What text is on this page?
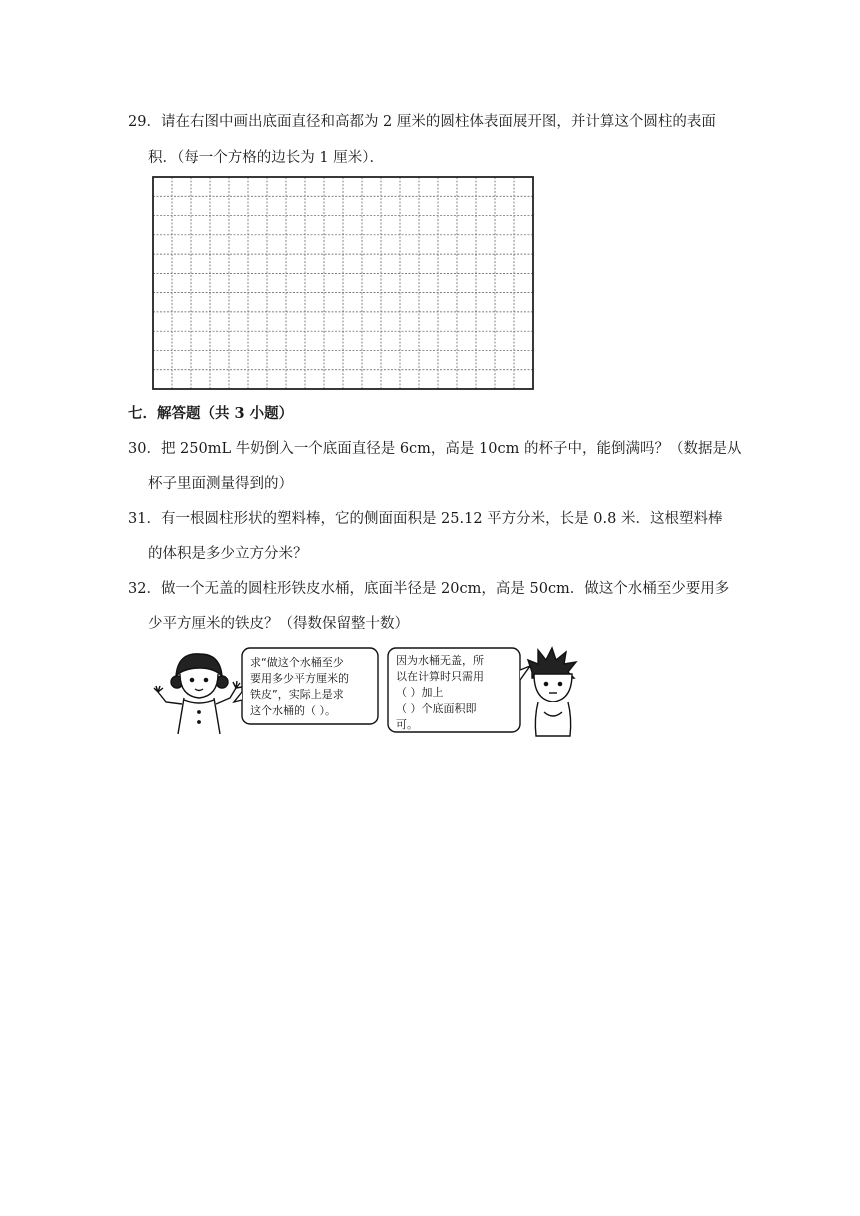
29．请在右图中画出底面直径和高都为 2 厘米的圆柱体表面展开图，并计算这个圆柱的表面
积．（每一个方格的边长为 1 厘米）．
七．解答题（共 3 小题）
30．把 250mL 牛奶倒入一个底面直径是 6cm，高是 10cm 的杯子中，能倒满吗？（数据是从
杯子里面测量得到的）
31．有一根圆柱形状的塑料棒，它的侧面面积是 25.12 平方分米，长是 0.8 米．这根塑料棒
的体积是多少立方分米？
32．做一个无盖的圆柱形铁皮水桶，底面半径是 20cm，高是 50cm．做这个水桶至少要用多
少平方厘米的铁皮？（得数保留整十数）
求“做这个水桶至少
要用多少平方厘米的
铁皮”，实际上是求
这个水桶的（ ）。
因为水桶无盖，所
以在计算时只需用
（ ）加上
（ ）个底面积即
可。
